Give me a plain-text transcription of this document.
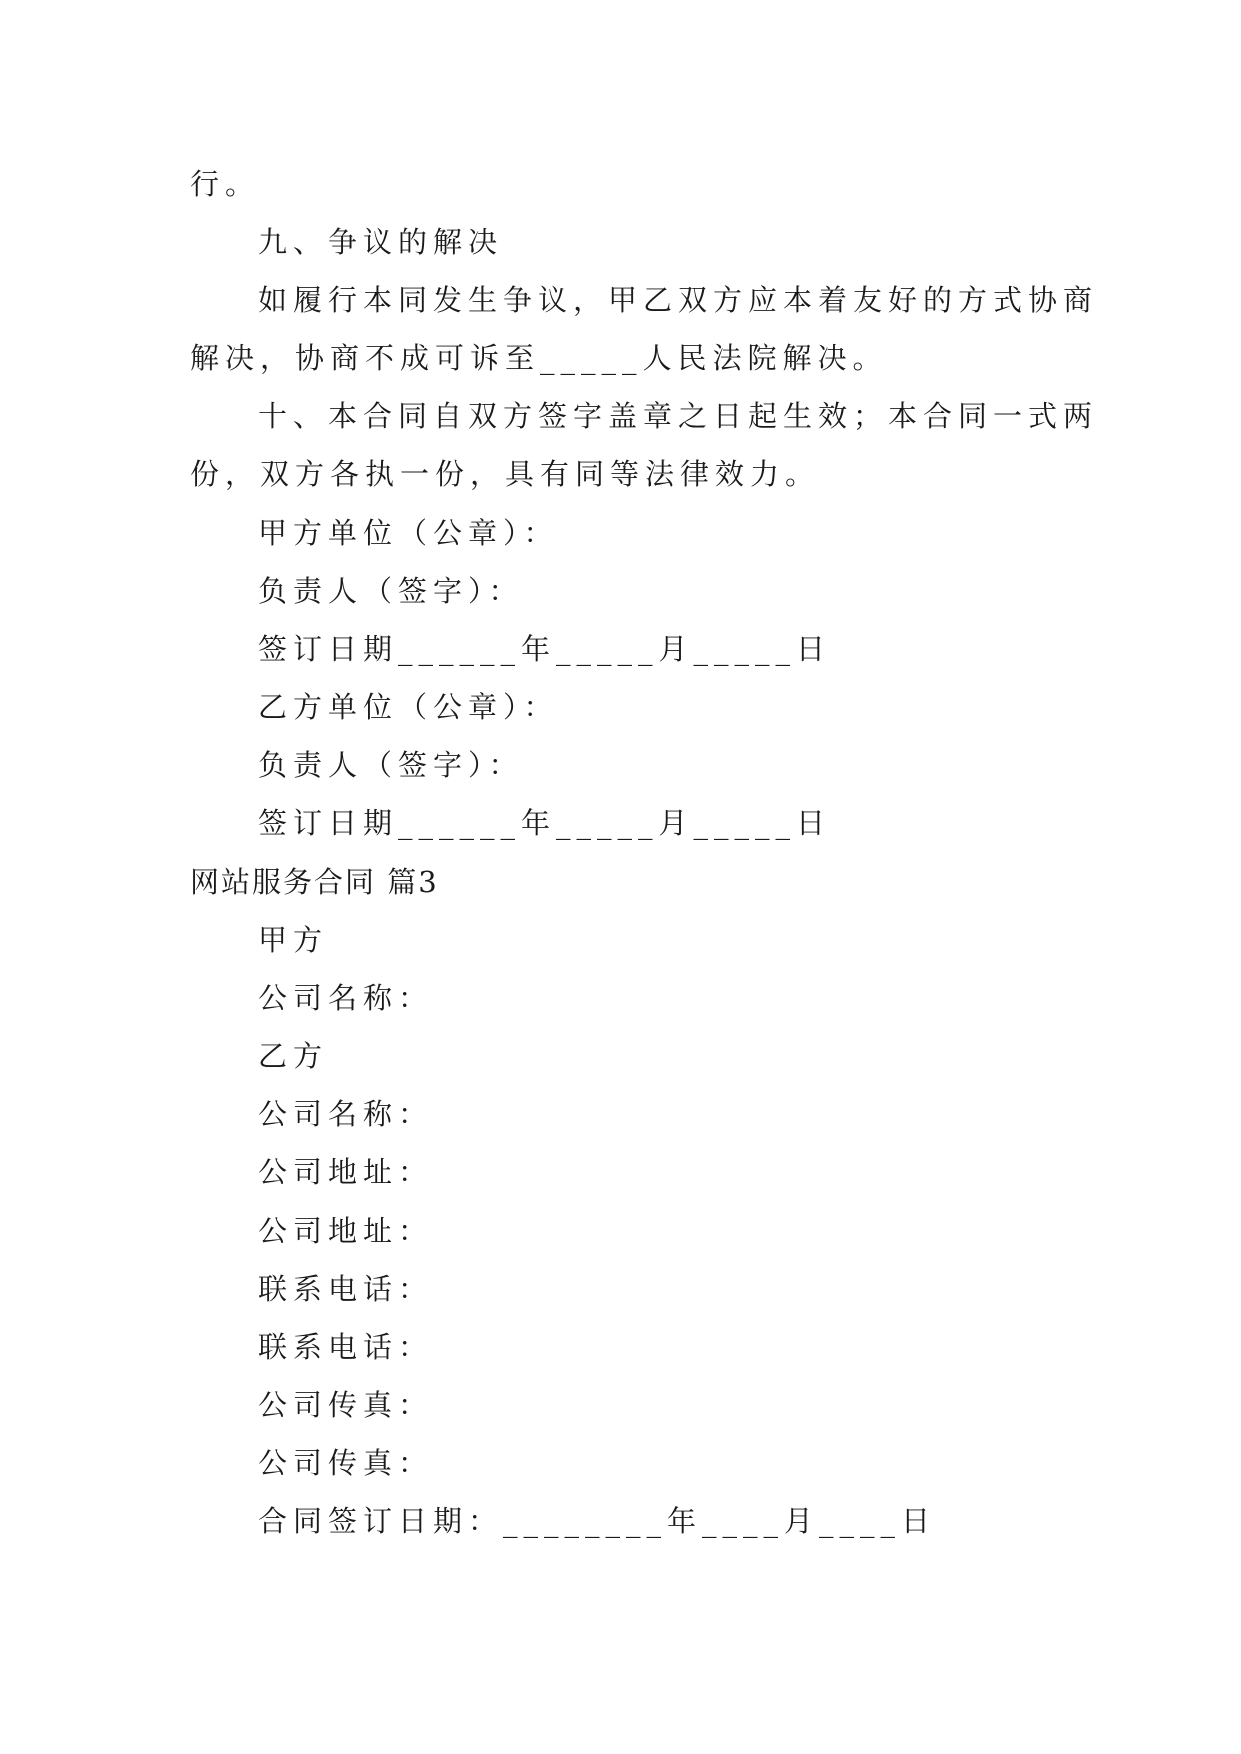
行。
九、争议的解决
如履行本同发生争议，甲乙双方应本着友好的方式协商
解决，协商不成可诉至_____人民法院解决。
十、本合同自双方签字盖章之日起生效；本合同一式两
份，双方各执一份，具有同等法律效力。
甲方单位（公章）：
负责人（签字）：
签订日期______年_____月_____日
乙方单位（公章）：
负责人（签字）：
签订日期______年_____月_____日
网站服务合同 篇3
甲方
公司名称：
乙方
公司名称：
公司地址：
公司地址：
联系电话：
联系电话：
公司传真：
公司传真：
合同签订日期：________年____月____日
